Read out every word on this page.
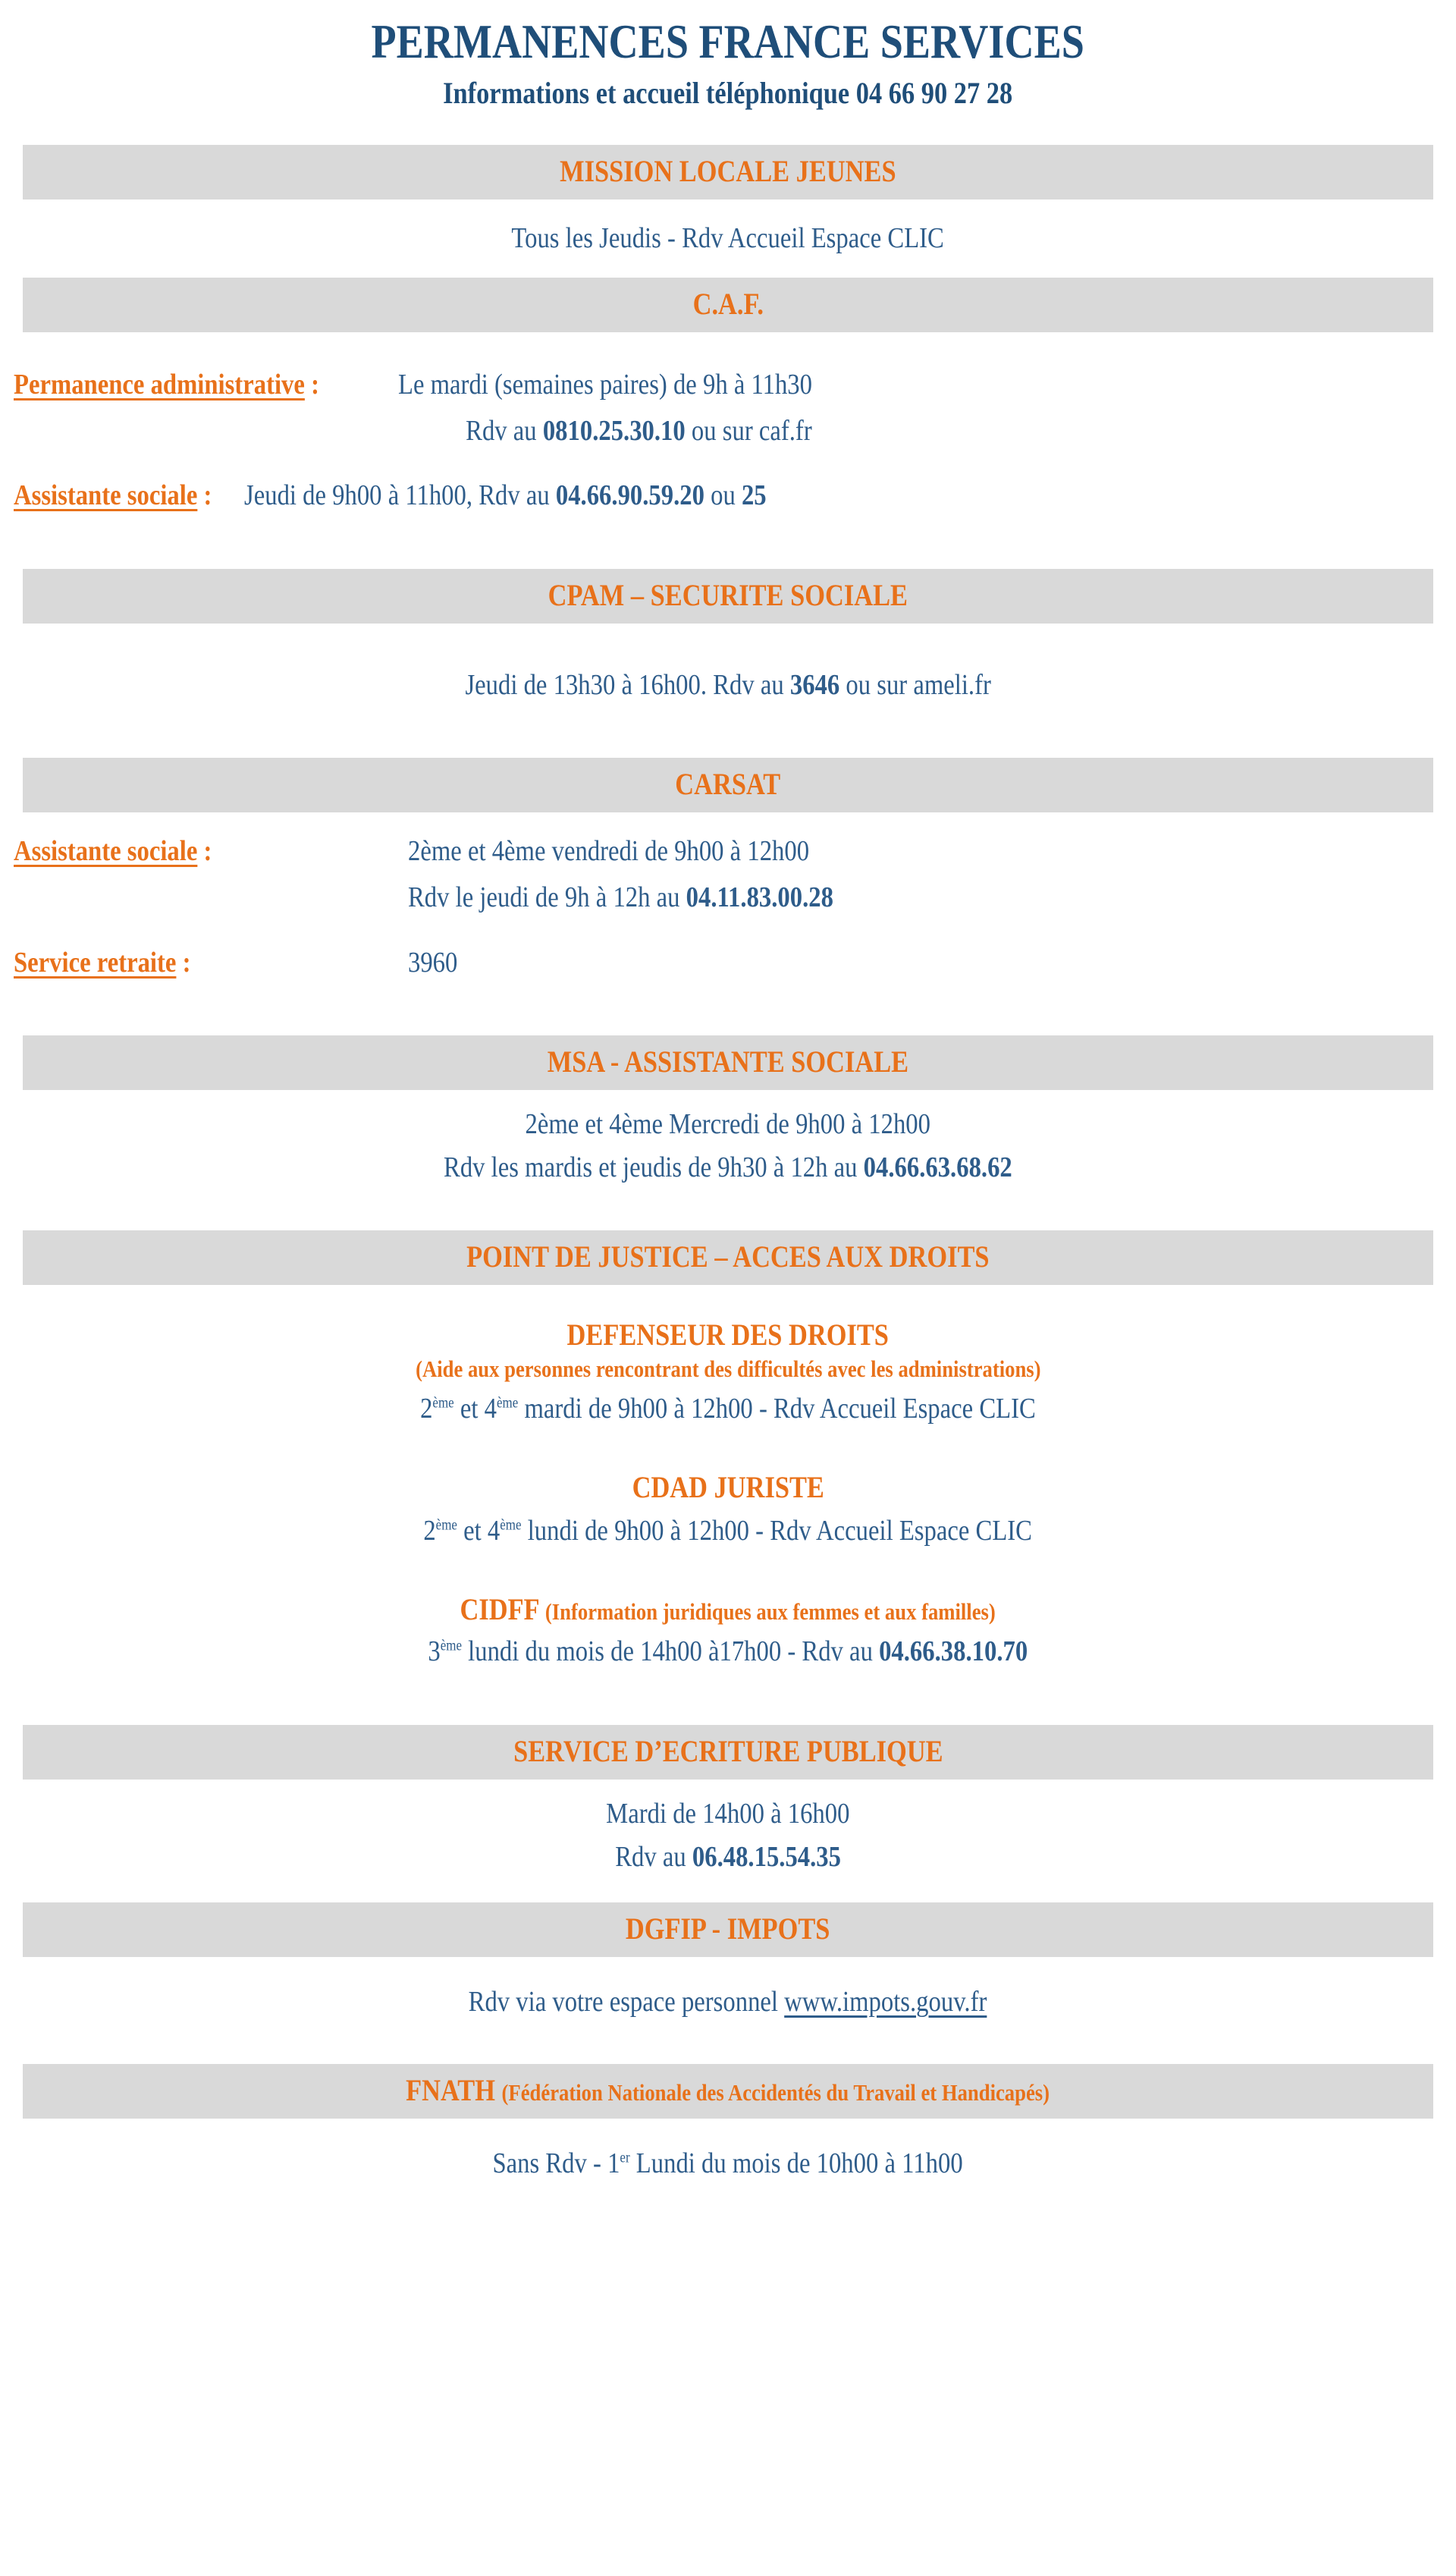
PERMANENCES FRANCE SERVICES
Informations et accueil téléphonique 04 66 90 27 28
MISSION LOCALE JEUNES
Tous les Jeudis - Rdv Accueil Espace CLIC
C.A.F.
Permanence administrative :	Le mardi (semaines paires) de 9h à 11h30
Rdv au 0810.25.30.10 ou sur caf.fr
Assistante sociale :	Jeudi de 9h00 à 11h00, Rdv au 04.66.90.59.20 ou 25
CPAM – SECURITE SOCIALE
Jeudi de 13h30 à 16h00. Rdv au 3646 ou sur ameli.fr
CARSAT
Assistante sociale :	2ème et 4ème vendredi de 9h00 à 12h00
Rdv le jeudi de 9h à 12h au 04.11.83.00.28
Service retraite :	3960
MSA - ASSISTANTE SOCIALE
2ème et 4ème Mercredi de 9h00 à 12h00
Rdv les mardis et jeudis de 9h30 à 12h au 04.66.63.68.62
POINT DE JUSTICE – ACCES AUX DROITS
DEFENSEUR DES DROITS
(Aide aux personnes rencontrant des difficultés avec les administrations)
2ème et 4ème mardi de 9h00 à 12h00 - Rdv Accueil Espace CLIC
CDAD JURISTE
2ème et 4ème lundi de 9h00 à 12h00 - Rdv Accueil Espace CLIC
CIDFF (Information juridiques aux femmes et aux familles)
3ème lundi du mois de 14h00 à17h00 - Rdv au 04.66.38.10.70
SERVICE D’ECRITURE PUBLIQUE
Mardi de 14h00 à 16h00
Rdv au 06.48.15.54.35
DGFIP - IMPOTS
Rdv via votre espace personnel www.impots.gouv.fr
FNATH (Fédération Nationale des Accidentés du Travail et Handicapés)
Sans Rdv - 1er Lundi du mois de 10h00 à 11h00
